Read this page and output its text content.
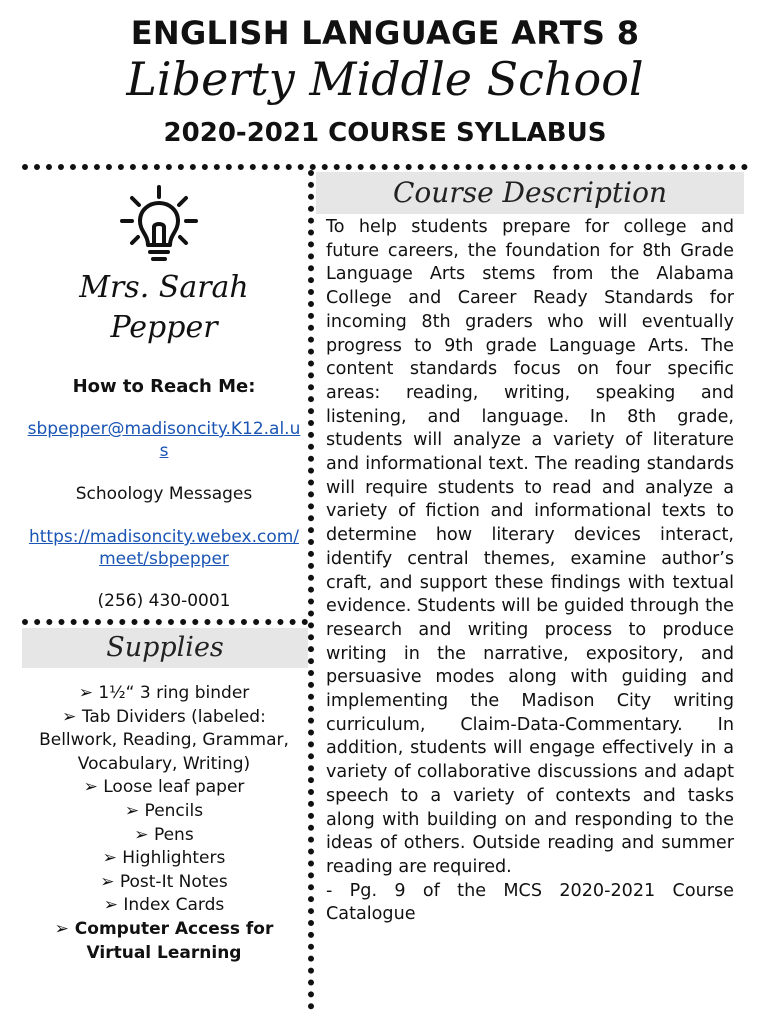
ENGLISH LANGUAGE ARTS 8
Liberty Middle School
2020-2021 COURSE SYLLABUS
Mrs. Sarah Pepper
How to Reach Me:
sbpepper@madisoncity.K12.al.us
Schoology Messages
https://madisoncity.webex.com/meet/sbpepper
(256) 430-0001
Supplies
➢ 1½“ 3 ring binder
➢ Tab Dividers (labeled: Bellwork, Reading, Grammar, Vocabulary, Writing)
➢ Loose leaf paper
➢ Pencils
➢ Pens
➢ Highlighters
➢ Post-It Notes
➢ Index Cards
➢ Computer Access for Virtual Learning
Course Description

To help students prepare for college and future careers, the foundation for 8th Grade Language Arts stems from the Alabama College and Career Ready Standards for incoming 8th graders who will eventually progress to 9th grade Language Arts. The content standards focus on four specific areas: reading, writing, speaking and listening, and language. In 8th grade, students will analyze a variety of literature and informational text. The reading standards will require students to read and analyze a variety of fiction and informational texts to determine how literary devices interact, identify central themes, examine author’s craft, and support these findings with textual evidence. Students will be guided through the research and writing process to produce writing in the narrative, expository, and persuasive modes along with guiding and implementing the Madison City writing curriculum, Claim-Data-Commentary. In addition, students will engage effectively in a variety of collaborative discussions and adapt speech to a variety of contexts and tasks along with building on and responding to the ideas of others. Outside reading and summer reading are required.

- Pg. 9 of the MCS 2020-2021 Course Catalogue
